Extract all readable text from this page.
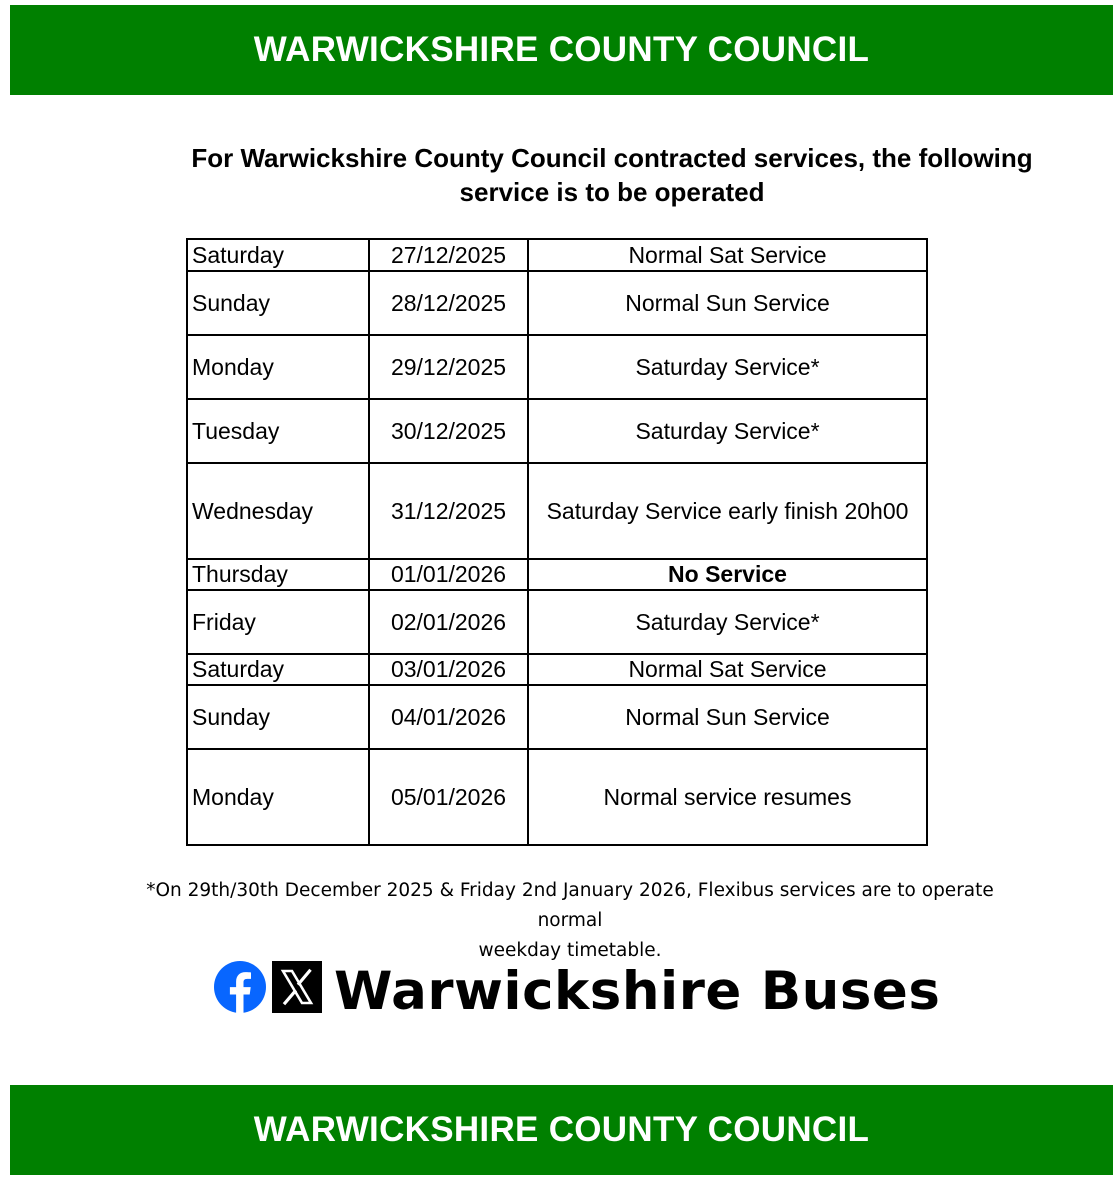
WARWICKSHIRE COUNTY COUNCIL
For Warwickshire County Council contracted services, the following service is to be operated
Saturday	27/12/2025	Normal Sat Service
Sunday	28/12/2025	Normal Sun Service
Monday	29/12/2025	Saturday Service*
Tuesday	30/12/2025	Saturday Service*
Wednesday	31/12/2025	Saturday Service early finish 20h00
Thursday	01/01/2026	No Service
Friday	02/01/2026	Saturday Service*
Saturday	03/01/2026	Normal Sat Service
Sunday	04/01/2026	Normal Sun Service
Monday	05/01/2026	Normal service resumes
*On 29th/30th December 2025 & Friday 2nd January 2026, Flexibus services are to operate normal
weekday timetable.
Warwickshire Buses
WARWICKSHIRE COUNTY COUNCIL
